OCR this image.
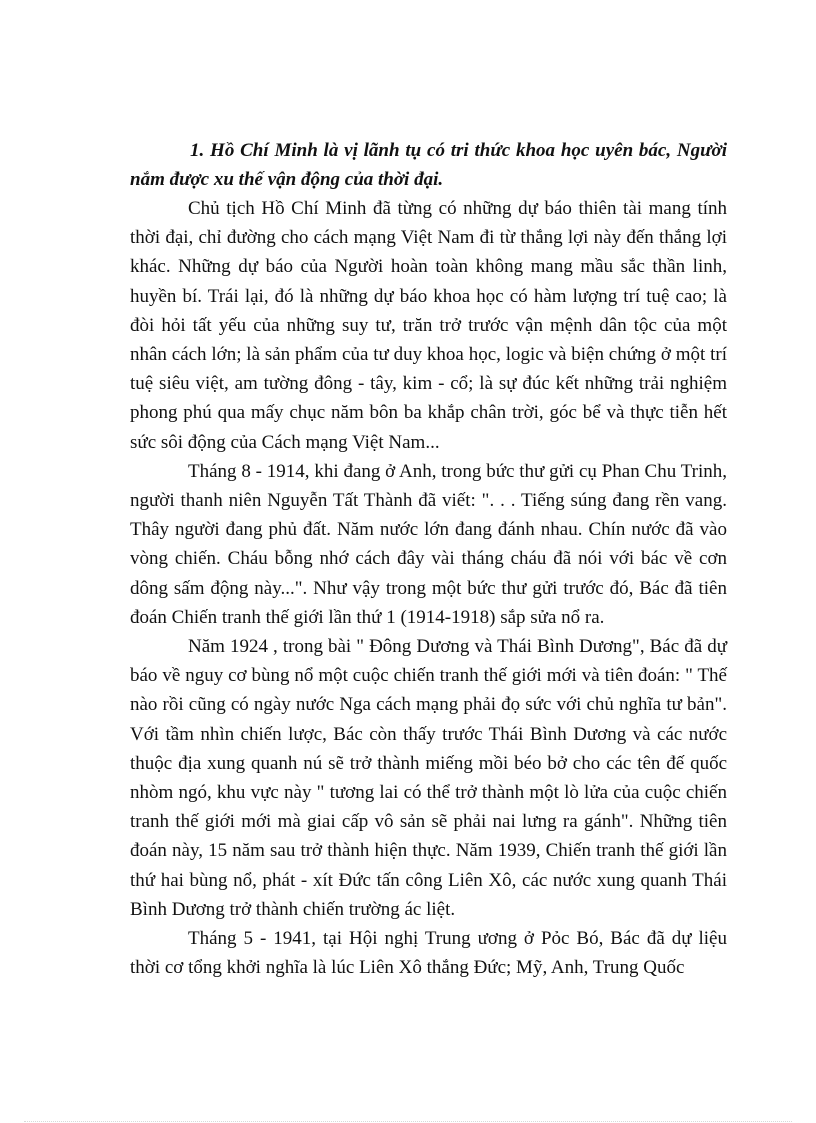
1. Hồ Chí Minh là vị lãnh tụ có tri thức khoa học uyên bác, Người nắm được xu thế vận động của thời đại.

Chủ tịch Hồ Chí Minh đã từng có những dự báo thiên tài mang tính thời đại, chỉ đường cho cách mạng Việt Nam đi từ thắng lợi này đến thắng lợi khác. Những dự báo của Người hoàn toàn không mang mầu sắc thần linh, huyền bí. Trái lại, đó là những dự báo khoa học có hàm lượng trí tuệ cao; là đòi hỏi tất yếu của những suy tư, trăn trở trước vận mệnh dân tộc của một nhân cách lớn; là sản phẩm của tư duy khoa học, logic và biện chứng ở một trí tuệ siêu việt, am tường đông - tây, kim - cổ; là sự đúc kết những trải nghiệm phong phú qua mấy chục năm bôn ba khắp chân trời, góc bể và thực tiễn hết sức sôi động của Cách mạng Việt Nam...

Tháng 8 - 1914, khi đang ở Anh, trong bức thư gửi cụ Phan Chu Trinh, người thanh niên Nguyễn Tất Thành đã viết: ". . . Tiếng súng đang rền vang. Thây người đang phủ đất. Năm nước lớn đang đánh nhau. Chín nước đã vào vòng chiến. Cháu bỗng nhớ cách đây vài tháng cháu đã nói với bác về cơn dông sấm động này...". Như vậy trong một bức thư gửi trước đó, Bác đã tiên đoán Chiến tranh thế giới lần thứ 1 (1914-1918) sắp sửa nổ ra.

Năm 1924 , trong bài " Đông Dương và Thái Bình Dương", Bác đã dự báo về nguy cơ bùng nổ một cuộc chiến tranh thế giới mới và tiên đoán: " Thế nào rồi cũng có ngày nước Nga cách mạng phải đọ sức với chủ nghĩa tư bản". Với tầm nhìn chiến lược, Bác còn thấy trước Thái Bình Dương và các nước thuộc địa xung quanh nú sẽ trở thành miếng mồi béo bở cho các tên đế quốc nhòm ngó, khu vực này " tương lai có thể trở thành một lò lửa của cuộc chiến tranh thế giới mới mà giai cấp vô sản sẽ phải nai lưng ra gánh". Những tiên đoán này, 15 năm sau trở thành hiện thực. Năm 1939, Chiến tranh thế giới lần thứ hai bùng nổ, phát - xít Đức tấn công Liên Xô, các nước xung quanh Thái Bình Dương trở thành chiến trường ác liệt.

Tháng 5 - 1941, tại Hội nghị Trung ương ở Pỏc Bó, Bác đã dự liệu thời cơ tổng khởi nghĩa là lúc Liên Xô thắng Đức; Mỹ, Anh, Trung Quốc
